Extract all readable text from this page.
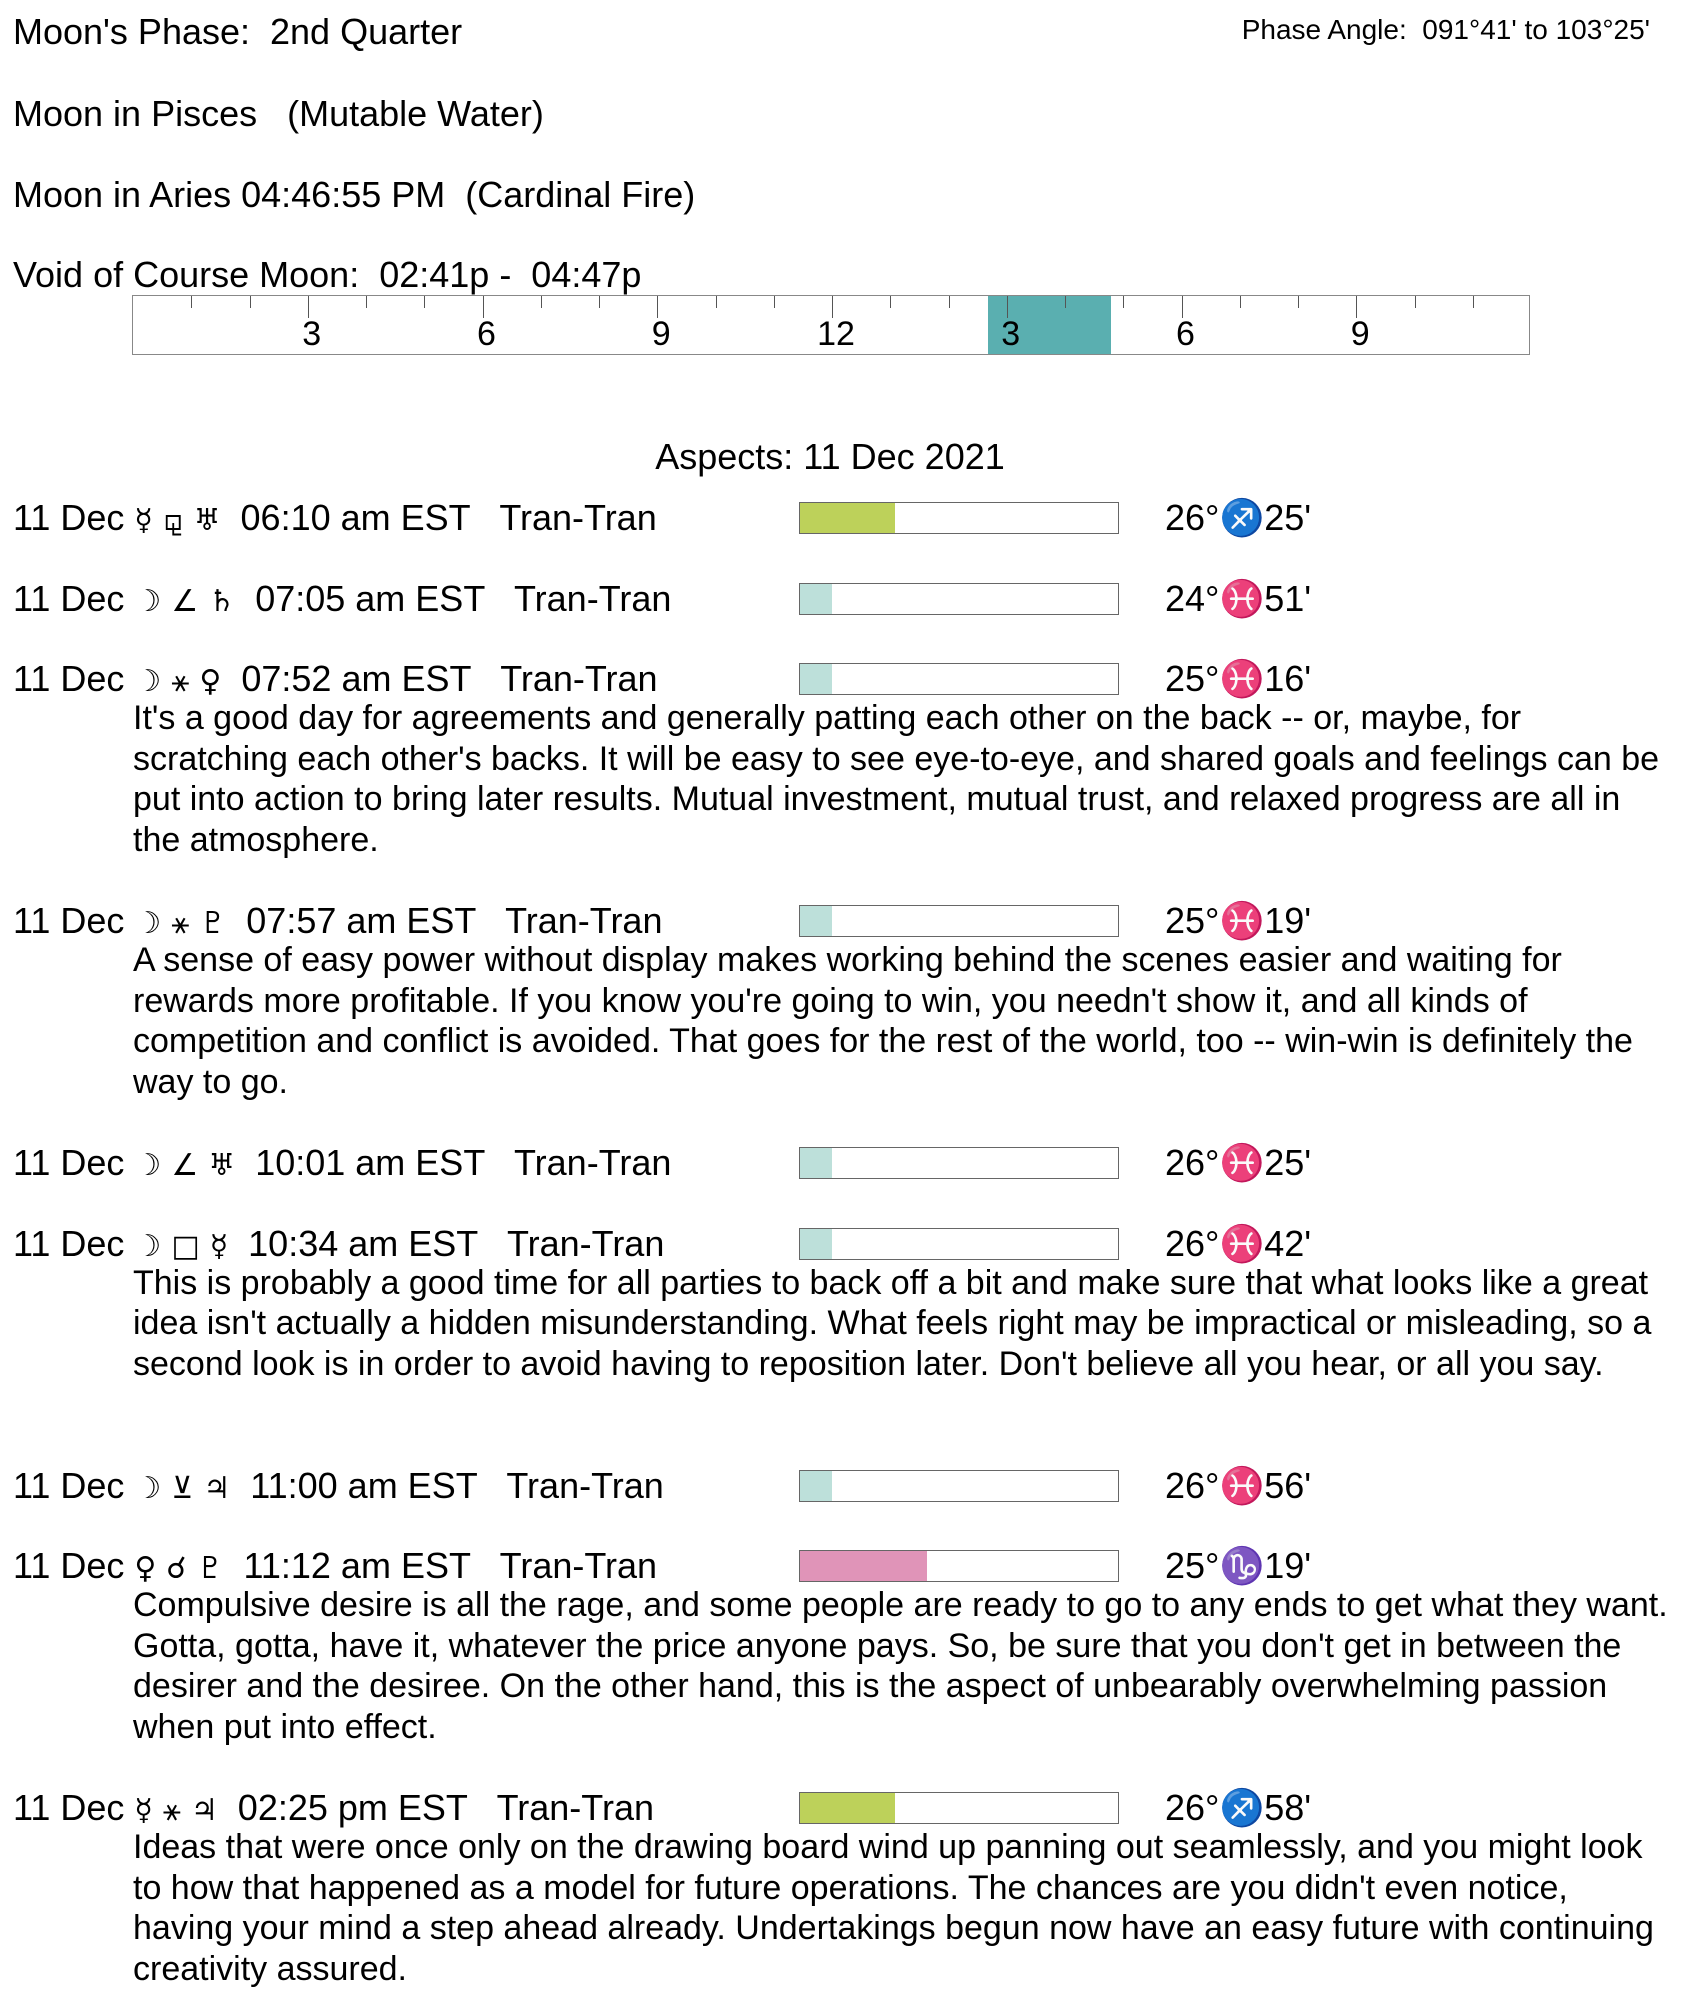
Moon's Phase:  2nd Quarter	Phase Angle:  091°41' to 103°25'
Moon in Pisces   (Mutable Water)
Moon in Aries 04:46:55 PM  (Cardinal Fire)
Void of Course Moon:  02:41p -  04:47p
3	6	9	12	3	6	9
Aspects: 11 Dec 2021
11 Dec ☿ ⚼ ♅ 06:10 am EST Tran-Tran	26°♐25'
11 Dec ☽ ∠ ♄ 07:05 am EST Tran-Tran	24°♓51'
11 Dec ☽ ⚹ ♀ 07:52 am EST Tran-Tran	25°♓16'
It's a good day for agreements and generally patting each other on the back -- or, maybe, for scratching each other's backs. It will be easy to see eye-to-eye, and shared goals and feelings can be put into action to bring later results. Mutual investment, mutual trust, and relaxed progress are all in the atmosphere.
11 Dec ☽ ⚹ ♇ 07:57 am EST Tran-Tran	25°♓19'
A sense of easy power without display makes working behind the scenes easier and waiting for rewards more profitable. If you know you're going to win, you needn't show it, and all kinds of competition and conflict is avoided. That goes for the rest of the world, too -- win-win is definitely the way to go.
11 Dec ☽ ∠ ♅ 10:01 am EST Tran-Tran	26°♓25'
11 Dec ☽ □ ☿ 10:34 am EST Tran-Tran	26°♓42'
This is probably a good time for all parties to back off a bit and make sure that what looks like a great idea isn't actually a hidden misunderstanding. What feels right may be impractical or misleading, so a second look is in order to avoid having to reposition later. Don't believe all you hear, or all you say.
11 Dec ☽ ⊻ ♃ 11:00 am EST Tran-Tran	26°♓56'
11 Dec ♀ ☌ ♇ 11:12 am EST Tran-Tran	25°♑19'
Compulsive desire is all the rage, and some people are ready to go to any ends to get what they want. Gotta, gotta, have it, whatever the price anyone pays. So, be sure that you don't get in between the desirer and the desiree. On the other hand, this is the aspect of unbearably overwhelming passion when put into effect.
11 Dec ☿ ⚹ ♃ 02:25 pm EST Tran-Tran	26°♐58'
Ideas that were once only on the drawing board wind up panning out seamlessly, and you might look to how that happened as a model for future operations. The chances are you didn't even notice, having your mind a step ahead already. Undertakings begun now have an easy future with continuing creativity assured.
